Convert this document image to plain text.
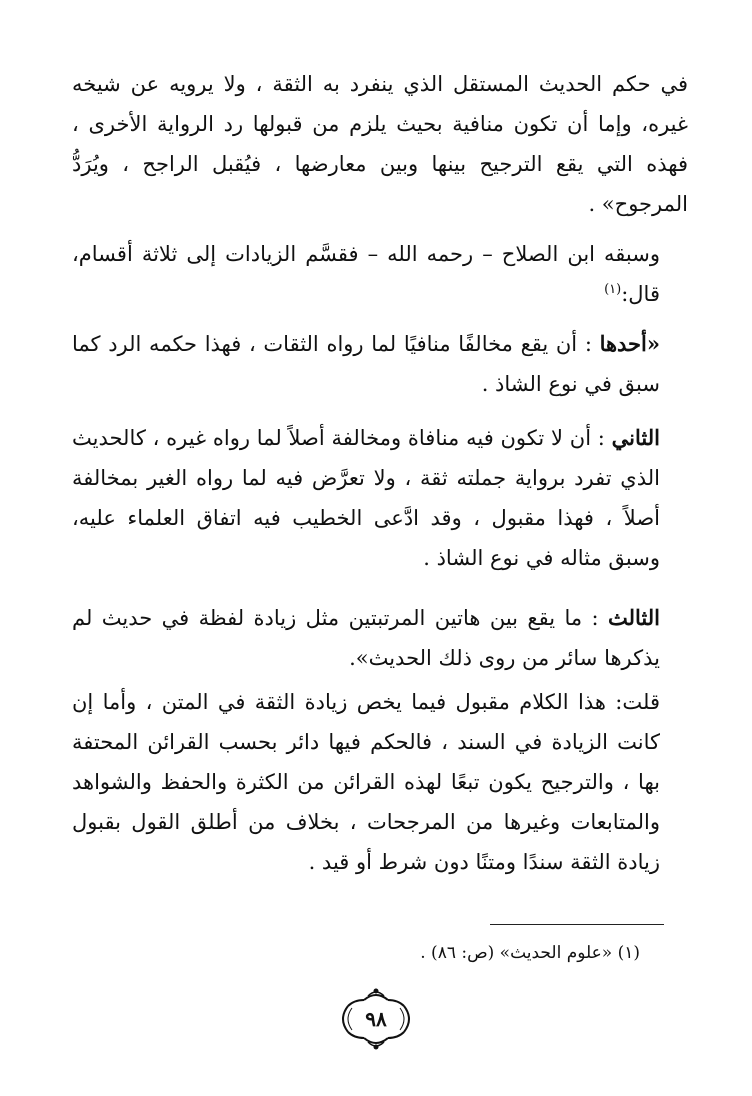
في حكم الحديث المستقل الذي ينفرد به الثقة ، ولا يرويه عن شيخه غيره، وإما أن تكون منافية بحيث يلزم من قبولها رد الرواية الأخرى ، فهذه التي يقع الترجيح بينها وبين معارضها ، فيُقبل الراجح ، ويُرَدُّ المرجوح» .

وسبقه ابن الصلاح – رحمه الله – فقسَّم الزيادات إلى ثلاثة أقسام، قال:$^{(١)}$

«أحدها : أن يقع مخالفًا منافيًا لما رواه الثقات ، فهذا حكمه الرد كما سبق في نوع الشاذ .

الثاني : أن لا تكون فيه منافاة ومخالفة أصلاً لما رواه غيره ، كالحديث الذي تفرد برواية جملته ثقة ، ولا تعرَّض فيه لما رواه الغير بمخالفة أصلاً ، فهذا مقبول ، وقد ادَّعى الخطيب فيه اتفاق العلماء عليه، وسبق مثاله في نوع الشاذ .

الثالث : ما يقع بين هاتين المرتبتين مثل زيادة لفظة في حديث لم يذكرها سائر من روى ذلك الحديث».

قلت: هذا الكلام مقبول فيما يخص زيادة الثقة في المتن ، وأما إن كانت الزيادة في السند ، فالحكم فيها دائر بحسب القرائن المحتفة بها ، والترجيح يكون تبعًا لهذه القرائن من الكثرة والحفظ والشواهد والمتابعات وغيرها من المرجحات ، بخلاف من أطلق القول بقبول زيادة الثقة سندًا ومتنًا دون شرط أو قيد .

(١) «علوم الحديث» (ص: ٨٦) .
٩٨
